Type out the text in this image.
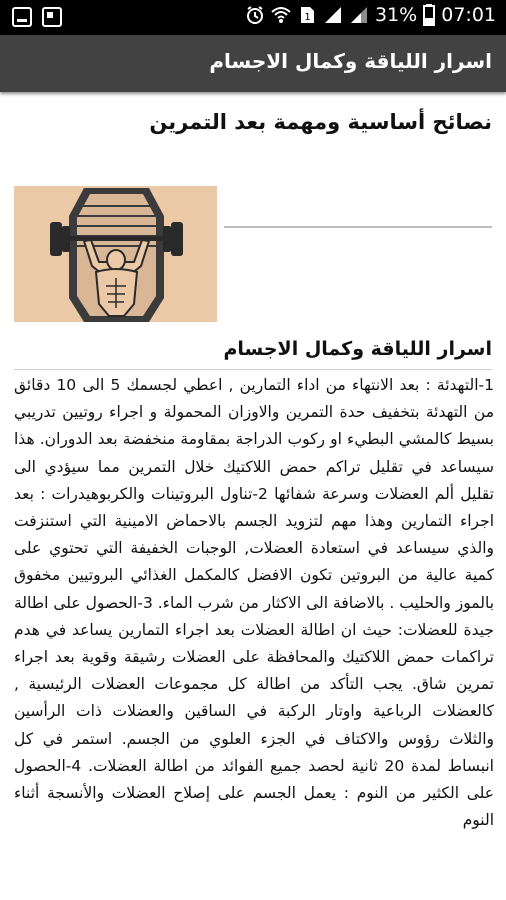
1	31% 07:01
اسرار اللياقة وكمال الاجسام
نصائح أساسية ومهمة بعد التمرين
اسرار اللياقة وكمال الاجسام
1-التهدئة : بعد الانتهاء من اداء التمارين , اعطي لجسمك 5 الى 10 دقائق من التهدئة بتخفيف حدة التمرين والاوزان المحمولة و اجراء روتيين تدريبي بسيط كالمشي البطيء او ركوب الدراجة بمقاومة منخفضة بعد الدوران. هذا سيساعد في تقليل تراكم حمض اللاكتيك خلال التمرين مما سيؤدي الى تقليل ألم العضلات وسرعة شفائها 2-تناول البروتينات والكربوهيدرات : بعد اجراء التمارين وهذا مهم لتزويد الجسم بالاحماض الامينية التي استنزفت والذي سيساعد في استعادة العضلات, الوجبات الخفيفة التي تحتوي على كمية عالية من البروتين تكون الافضل كالمكمل الغذائي البروتيين مخفوق بالموز والحليب . بالاضافة الى الاكثار من شرب الماء. 3-الحصول على اطالة جيدة للعضلات: حيث ان اطالة العضلات بعد اجراء التمارين يساعد في هدم تراكمات حمض اللاكتيك والمحافظة على العضلات رشيقة وقوية بعد اجراء تمرين شاق. يجب التأكد من اطالة كل مجموعات العضلات الرئيسية , كالعضلات الرباعية واوتار الركبة في الساقين والعضلات ذات الرأسين والثلاث رؤوس والاكتاف في الجزء العلوي من الجسم. استمر في كل انبساط لمدة 20 ثانية لحصد جميع الفوائد من اطالة العضلات. 4-الحصول على الكثير من النوم : يعمل الجسم على إصلاح العضلات والأنسجة أثناء النوم
